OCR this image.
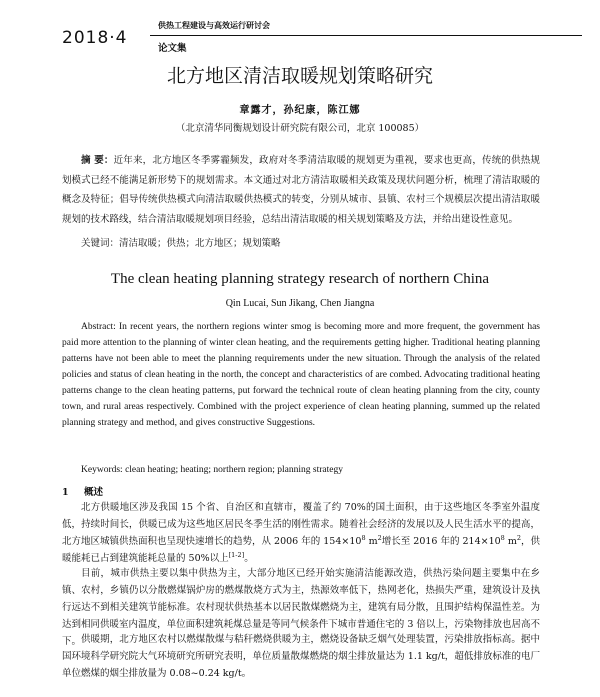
2018·4
供热工程建设与高效运行研讨会
论文集
北方地区清洁取暖规划策略研究
章露才，孙纪康，陈江娜
（北京清华同衡规划设计研究院有限公司，北京 100085）

摘 要：近年来，北方地区冬季雾霾频发，政府对冬季清洁取暖的规划更为重视，要求也更高，传统的供热规划模式已经不能满足新形势下的规划需求。本文通过对北方清洁取暖相关政策及现状问题分析，梳理了清洁取暖的概念及特征；倡导传统供热模式向清洁取暖供热模式的转变，分别从城市、县镇、农村三个规模层次提出清洁取暖规划的技术路线，结合清洁取暖规划项目经验，总结出清洁取暖的相关规划策略及方法，并给出建设性意见。

关键词：清洁取暖；供热；北方地区；规划策略

The clean heating planning strategy research of northern China
Qin Lucai, Sun Jikang, Chen Jiangna

Abstract: In recent years, the northern regions winter smog is becoming more and more frequent, the government has paid more attention to the planning of winter clean heating, and the requirements getting higher. Traditional heating planning patterns have not been able to meet the planning requirements under the new situation. Through the analysis of the related policies and status of clean heating in the north, the concept and characteristics of are combed. Advocating traditional heating patterns change to the clean heating patterns, put forward the technical route of clean heating planning from the city, county town, and rural areas respectively. Combined with the project experience of clean heating planning, summed up the related planning strategy and method, and gives constructive Suggestions.

Keywords: clean heating; heating; northern region; planning strategy

1 概述

北方供暖地区涉及我国 15 个省、自治区和直辖市，覆盖了约 70%的国土面积，由于这些地区冬季室外温度低，持续时间长，供暖已成为这些地区居民冬季生活的刚性需求。随着社会经济的发展以及人民生活水平的提高，北方地区城镇供热面积也呈现快速增长的趋势，从 2006 年的 $154\times 10^8$ $m^2$增长至 2016 年的 $214\times 10^8$ $m^2$，供暖能耗已占到建筑能耗总量的 50%以上[1-2]。

目前，城市供热主要以集中供热为主，大部分地区已经开始实施清洁能源改造，供热污染问题主要集中在乡镇、农村，乡镇仍以分散燃煤锅炉房的燃煤散烧方式为主，热源效率低下，热网老化，热损失严重，建筑设计及执行远达不到相关建筑节能标准。农村现状供热基本以居民散煤燃烧为主，建筑有局分散，且围护结构保温性差。为达到相同供暖室内温度，单位面积建筑耗煤总量是等同气候条件下城市普通住宅的 3 倍以上，污染物排放也居高不下。 供暖期，北方地区农村以燃煤散煤与秸秆燃烧供暖为主，燃烧设备缺乏烟气处理装置，污染排放指标高。据中国环境科学研究院大气环境研究所研究表明，单位质量散煤燃烧的烟尘排放量达为 1.1 kg/t，超低排放标准的电厂单位燃煤的烟尘排放量为 0.08~0.24 kg/t。
